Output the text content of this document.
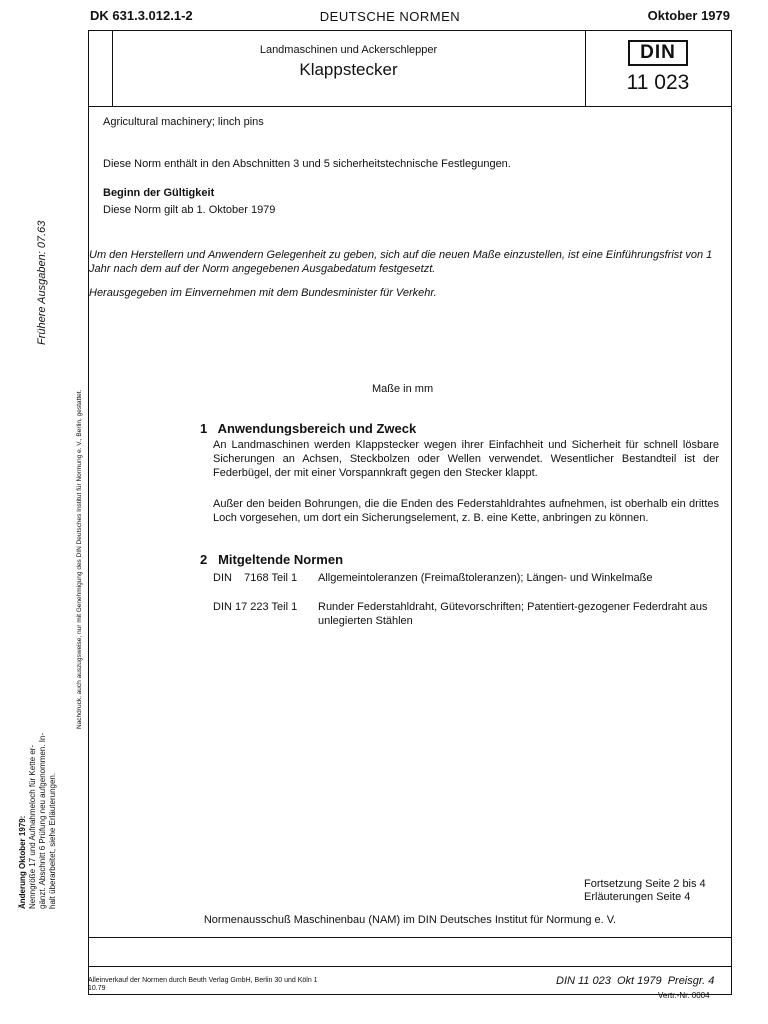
DK 631.3.012.1-2	DEUTSCHE NORMEN	Oktober 1979
Landmaschinen und Ackerschlepper
Klappstecker
DIN
11 023
Agricultural machinery; linch pins
Diese Norm enthält in den Abschnitten 3 und 5 sicherheitstechnische Festlegungen.
Beginn der Gültigkeit
Diese Norm gilt ab 1. Oktober 1979
Um den Herstellern und Anwendern Gelegenheit zu geben, sich auf die neuen Maße einzustellen, ist eine Einführungsfrist von 1 Jahr nach dem auf der Norm angegebenen Ausgabedatum festgesetzt.
Herausgegeben im Einvernehmen mit dem Bundesminister für Verkehr.
Maße in mm
1   Anwendungsbereich und Zweck
An Landmaschinen werden Klappstecker wegen ihrer Einfachheit und Sicherheit für schnell lösbare Sicherungen an Achsen, Steckbolzen oder Wellen verwendet. Wesentlicher Bestandteil ist der Federbügel, der mit einer Vorspannkraft gegen den Stecker klappt.
Außer den beiden Bohrungen, die die Enden des Federstahldrahtes aufnehmen, ist oberhalb ein drittes Loch vorgesehen, um dort ein Sicherungselement, z. B. eine Kette, anbringen zu können.
2   Mitgeltende Normen
DIN    7168 Teil 1 Allgemeintoleranzen (Freimaßtoleranzen); Längen- und Winkelmaße
DIN 17 223 Teil 1 Runder Federstahldraht, Gütevorschriften; Patentiert-gezogener Federdraht aus unlegierten Stählen
Fortsetzung Seite 2 bis 4
Erläuterungen Seite 4
Normenausschuß Maschinenbau (NAM) im DIN Deutsches Institut für Normung e. V.
Alleinverkauf der Normen durch Beuth Verlag GmbH, Berlin 30 und Köln 1
10.79
DIN 11 023  Okt 1979  Preisgr. 4
Vertr.-Nr. 0004
Frühere Ausgaben: 07.63
Nachdruck, auch auszugsweise, nur mit Genehmigung des DIN Deutsches Institut für Normung e. V., Berlin, gestattet.
Änderung Oktober 1979: Nenngröße 17 und Aufnahmeloch für Kette er- gänzt. Abschnitt 6 Prüfung neu aufgenommen. In- halt überarbeitet, siehe Erläuterungen.
